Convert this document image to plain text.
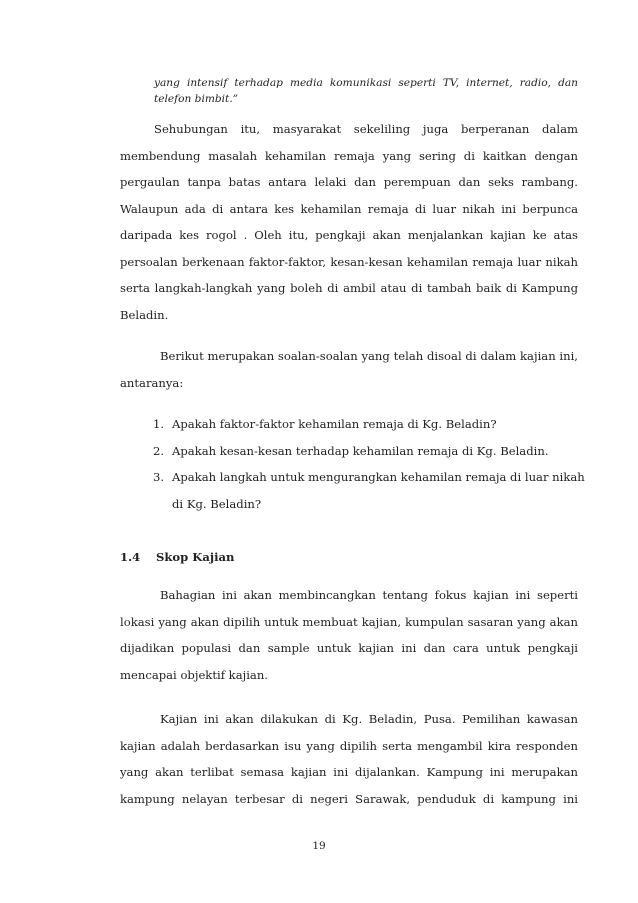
yang intensif terhadap media komunikasi seperti TV, internet, radio, dan
telefon bimbit.”
Sehubungan itu, masyarakat sekeliling juga berperanan dalam
membendung masalah kehamilan remaja yang sering di kaitkan dengan
pergaulan tanpa batas antara lelaki dan perempuan dan seks rambang.
Walaupun ada di antara kes kehamilan remaja di luar nikah ini berpunca
daripada kes rogol . Oleh itu, pengkaji akan menjalankan kajian ke atas
persoalan berkenaan faktor-faktor, kesan-kesan kehamilan remaja luar nikah
serta langkah-langkah yang boleh di ambil atau di tambah baik di Kampung
Beladin.
Berikut merupakan soalan-soalan yang telah disoal di dalam kajian ini,
antaranya:
1. Apakah faktor-faktor kehamilan remaja di Kg. Beladin?
2. Apakah kesan-kesan terhadap kehamilan remaja di Kg. Beladin.
3. Apakah langkah untuk mengurangkan kehamilan remaja di luar nikah
di Kg. Beladin?
1.4 Skop Kajian
Bahagian ini akan membincangkan tentang fokus kajian ini seperti
lokasi yang akan dipilih untuk membuat kajian, kumpulan sasaran yang akan
dijadikan populasi dan sample untuk kajian ini dan cara untuk pengkaji
mencapai objektif kajian.
Kajian ini akan dilakukan di Kg. Beladin, Pusa. Pemilihan kawasan
kajian adalah berdasarkan isu yang dipilih serta mengambil kira responden
yang akan terlibat semasa kajian ini dijalankan. Kampung ini merupakan
kampung nelayan terbesar di negeri Sarawak, penduduk di kampung ini
19
